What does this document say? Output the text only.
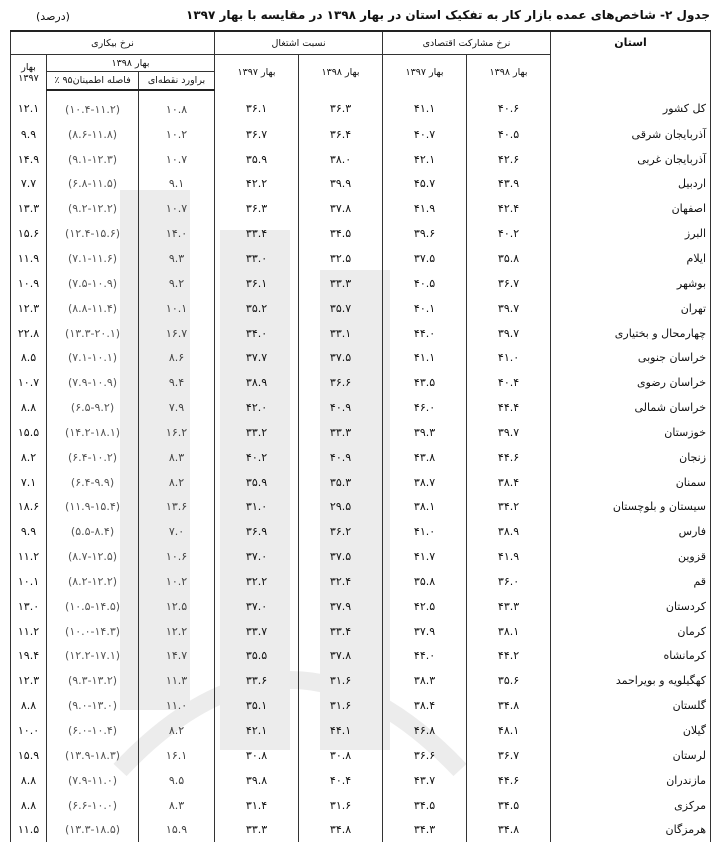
جدول ۲- شاخص‌های عمده بازار کار به تفکیک استان در بهار ۱۳۹۸ در مقایسه با بهار ۱۳۹۷
(درصد)
استان	نرخ مشارکت اقتصادی		نسبت اشتغال		نرخ بیکاری		
	بهار ۱۳۹۸	بهار ۱۳۹۷	بهار ۱۳۹۸	بهار ۱۳۹۷	بهار ۱۳۹۸		بهار ۱۳۹۷
					براورد نقطه‌ای	فاصله اطمینان۹۵ ٪	
کل کشور	۴۰.۶	۴۱.۱	۳۶.۳	۳۶.۱	۱۰.۸	(۱۰.۴-۱۱.۲)	۱۲.۱
آذربایجان شرقی	۴۰.۵	۴۰.۷	۳۶.۴	۳۶.۷	۱۰.۲	(۸.۶-۱۱.۸)	۹.۹
آذربایجان غربی	۴۲.۶	۴۲.۱	۳۸.۰	۳۵.۹	۱۰.۷	(۹.۱-۱۲.۳)	۱۴.۹
اردبیل	۴۳.۹	۴۵.۷	۳۹.۹	۴۲.۲	۹.۱	(۶.۸-۱۱.۵)	۷.۷
اصفهان	۴۲.۴	۴۱.۹	۳۷.۸	۳۶.۳	۱۰.۷	(۹.۲-۱۲.۲)	۱۳.۳
البرز	۴۰.۲	۳۹.۶	۳۴.۵	۳۳.۴	۱۴.۰	(۱۲.۴-۱۵.۶)	۱۵.۶
ایلام	۳۵.۸	۳۷.۵	۳۲.۵	۳۳.۰	۹.۳	(۷.۱-۱۱.۶)	۱۱.۹
بوشهر	۳۶.۷	۴۰.۵	۳۳.۳	۳۶.۱	۹.۲	(۷.۵-۱۰.۹)	۱۰.۹
تهران	۳۹.۷	۴۰.۱	۳۵.۷	۳۵.۲	۱۰.۱	(۸.۸-۱۱.۴)	۱۲.۳
چهارمحال و بختیاری	۳۹.۷	۴۴.۰	۳۳.۱	۳۴.۰	۱۶.۷	(۱۳.۳-۲۰.۱)	۲۲.۸
خراسان جنوبی	۴۱.۰	۴۱.۱	۳۷.۵	۳۷.۷	۸.۶	(۷.۱-۱۰.۱)	۸.۵
خراسان رضوی	۴۰.۴	۴۳.۵	۳۶.۶	۳۸.۹	۹.۴	(۷.۹-۱۰.۹)	۱۰.۷
خراسان شمالی	۴۴.۴	۴۶.۰	۴۰.۹	۴۲.۰	۷.۹	(۶.۵-۹.۲)	۸.۸
خوزستان	۳۹.۷	۳۹.۳	۳۳.۳	۳۳.۲	۱۶.۲	(۱۴.۲-۱۸.۱)	۱۵.۵
زنجان	۴۴.۶	۴۳.۸	۴۰.۹	۴۰.۲	۸.۳	(۶.۴-۱۰.۲)	۸.۲
سمنان	۳۸.۴	۳۸.۷	۳۵.۳	۳۵.۹	۸.۲	(۶.۴-۹.۹)	۷.۱
سیستان و بلوچستان	۳۴.۲	۳۸.۱	۲۹.۵	۳۱.۰	۱۳.۶	(۱۱.۹-۱۵.۴)	۱۸.۶
فارس	۳۸.۹	۴۱.۰	۳۶.۲	۳۶.۹	۷.۰	(۵.۵-۸.۴)	۹.۹
قزوین	۴۱.۹	۴۱.۷	۳۷.۵	۳۷.۰	۱۰.۶	(۸.۷-۱۲.۵)	۱۱.۲
قم	۳۶.۰	۳۵.۸	۳۲.۴	۳۲.۲	۱۰.۲	(۸.۲-۱۲.۲)	۱۰.۱
کردستان	۴۳.۳	۴۲.۵	۳۷.۹	۳۷.۰	۱۲.۵	(۱۰.۵-۱۴.۵)	۱۳.۰
کرمان	۳۸.۱	۳۷.۹	۳۳.۴	۳۳.۷	۱۲.۲	(۱۰.۰-۱۴.۳)	۱۱.۲
کرمانشاه	۴۴.۲	۴۴.۰	۳۷.۸	۳۵.۵	۱۴.۷	(۱۲.۲-۱۷.۱)	۱۹.۴
کهگیلویه و بویراحمد	۳۵.۶	۳۸.۳	۳۱.۶	۳۳.۶	۱۱.۳	(۹.۳-۱۳.۲)	۱۲.۳
گلستان	۳۴.۸	۳۸.۴	۳۱.۶	۳۵.۱	۱۱.۰	(۹.۰-۱۳.۰)	۸.۸
گیلان	۴۸.۱	۴۶.۸	۴۴.۱	۴۲.۱	۸.۲	(۶.۰-۱۰.۴)	۱۰.۰
لرستان	۳۶.۷	۳۶.۶	۳۰.۸	۳۰.۸	۱۶.۱	(۱۳.۹-۱۸.۳)	۱۵.۹
مازندران	۴۴.۶	۴۳.۷	۴۰.۴	۳۹.۸	۹.۵	(۷.۹-۱۱.۰)	۸.۸
مرکزی	۳۴.۵	۳۴.۵	۳۱.۶	۳۱.۴	۸.۳	(۶.۶-۱۰.۰)	۸.۸
هرمزگان	۳۴.۸	۳۴.۳	۳۴.۸	۳۳.۳	۱۵.۹	(۱۳.۳-۱۸.۵)	۱۱.۵
